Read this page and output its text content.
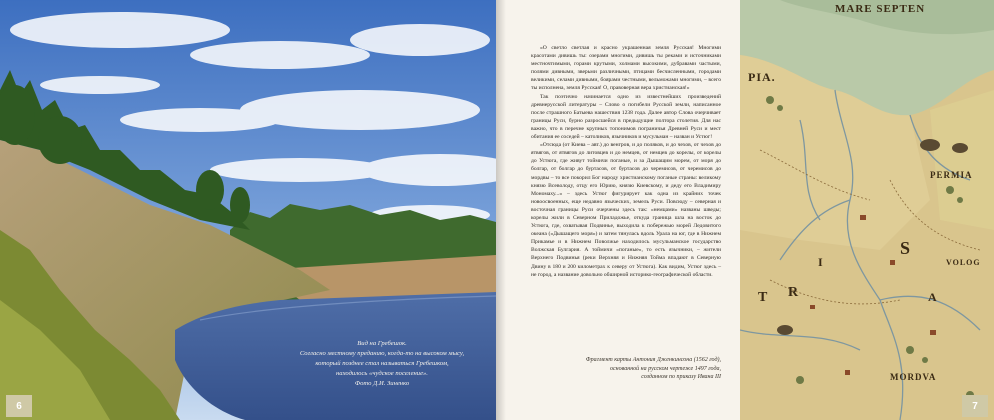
Вид на Гребешок.
Согласно местному преданию, когда-то на высоком мысу,
который позднее стал называться Гребешком,
находилось «чудское поселение».
Фото Д.И. Зиненко
6

«О светло светлая и красно украшенная земля Русская! Многими красотами дивишь ты: озерами многими, дивишь ты реками и источниками местночтимыми, горами крутыми, холмами высокими, дубравами частыми, полями дивными, зверьми различными, птицами бесчисленными, городами великими, селами дивными, боярами честными, вельможами многими, – всего ты исполнена, земля Русская! О, правоверная вера христианская!»

Так поэтично начинается одно из известнейших произведений древнерусской литературы – Слово о погибели Русской земли, написанное после страшного Батыева нашествия 1238 года. Далее автор Слова очерчивает границы Руси, бурно разросшейся в предыдущие полтора столетия. Для нас важно, что в перечне крупных топонимов пограничья Древней Руси и мест обитания ее соседей – католиков, язычников и мусульман – назван и Устюг!

«Отсюда (от Киева – авт.) до венгров, и до поляков, и до чехов, от чехов до ятвягов, от ятвягов до литовцев и до немцев, от немцев до корелы, от корелы до Устюга, где живут тоймичи поганые, и за Дышащим морем, от моря до болгар, от болгар до буртасов, от буртасов до черемисов, от черемисов до мордвы – то все покорил Бог народу христианскому поганые страны: великому князю Всеволоду, отцу его Юрию, князю Киевскому, и деду его Владимиру Мономаху...» – здесь Устюг фигурирует как одна из крайних точек новоосвоенных, еще недавно языческих, земель Руси. Повсюду – северная и восточная границы Руси очерчены здесь так: «немцами» названы шведы; корелы жили в Северном Приладожье, откуда граница шла на восток до Устюга, где, охватывая Подвинье, выходила к побережью морей Ледовитого океана («Дышащего моря») и затем тянулась вдоль Урала на юг, где в Нижнем Прикамье и в Нижнем Поволжье находилось мусульманское государство Волжская Булгария. А тоймичи «поганые», то есть язычники, – жители Верхнего Подвинья (реки Верхняя и Нижняя Тойма впадают в Северную Двину в 180 и 200 километрах к северу от Устюга). Как видим, Устюг здесь – не город, а название довольно обширной историко-географической области.

Фрагмент карты Антония Дженкинсона (1562 год),
основанной на русском чертеже 1497 года,
созданном по приказу Ивана III
MARE SEPTEN
PIA.
PERMIA
S
I
R
T	A
VOLOG
MORDVA
7
